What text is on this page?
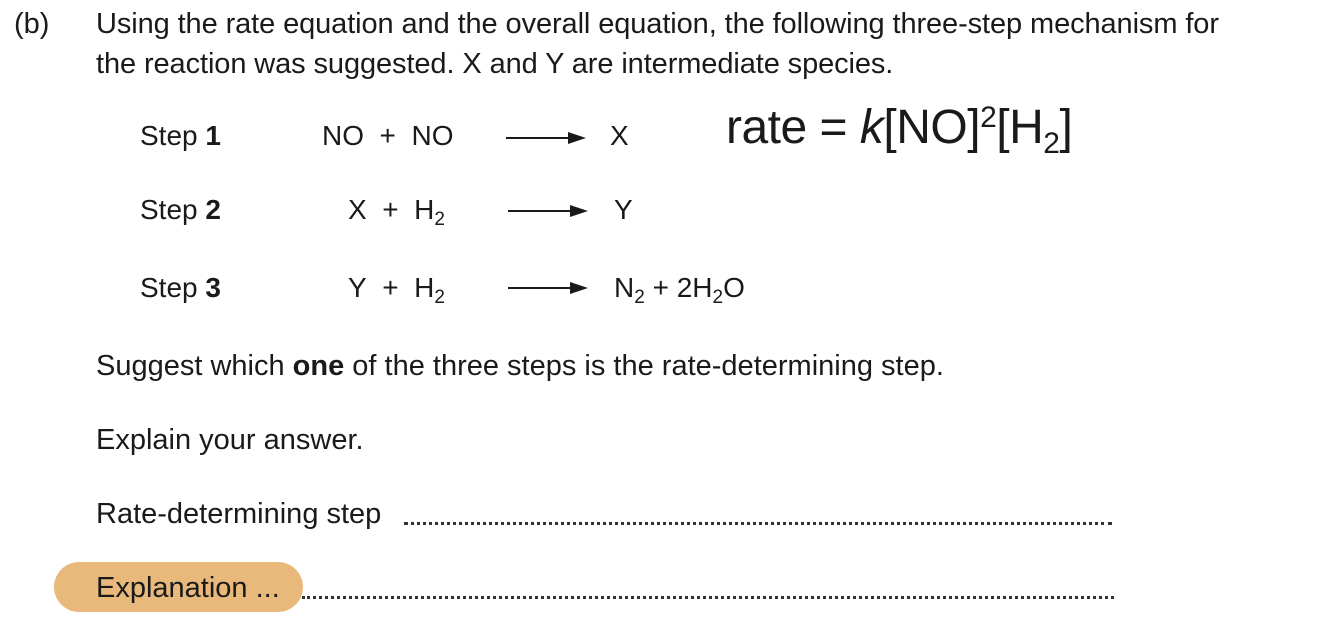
(b) Using the rate equation and the overall equation, the following three-step mechanism for
the reaction was suggested. X and Y are intermediate species.
Step 1	NO  +  NO	X rate = $k[NO]^2[H_2]$
Step 2	$X + H_2$	Y
Step 3	$Y + H_2$	$N_2 + 2H_2O$
Suggest which one of the three steps is the rate-determining step.
Explain your answer.
Rate-determining step
Explanation ...
